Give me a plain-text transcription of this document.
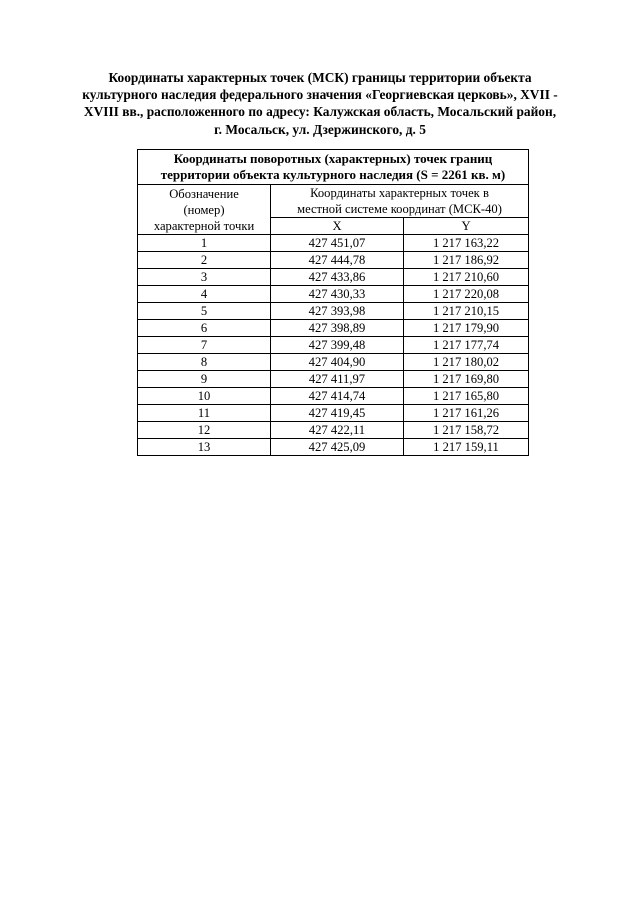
Координаты характерных точек (МСК) границы территории объекта
культурного наследия федерального значения «Георгиевская церковь», XVII -
XVIII вв., расположенного по адресу: Калужская область, Мосальский район,
г. Мосальск, ул. Дзержинского, д. 5
Координаты поворотных (характерных) точек границ
территории объекта культурного наследия (S = 2261 кв. м)		
Обозначение
(номер)
характерной точки	Координаты характерных точек в
местной системе координат (МСК-40)	
	X	Y
1	427 451,07	1 217 163,22
2	427 444,78	1 217 186,92
3	427 433,86	1 217 210,60
4	427 430,33	1 217 220,08
5	427 393,98	1 217 210,15
6	427 398,89	1 217 179,90
7	427 399,48	1 217 177,74
8	427 404,90	1 217 180,02
9	427 411,97	1 217 169,80
10	427 414,74	1 217 165,80
11	427 419,45	1 217 161,26
12	427 422,11	1 217 158,72
13	427 425,09	1 217 159,11
